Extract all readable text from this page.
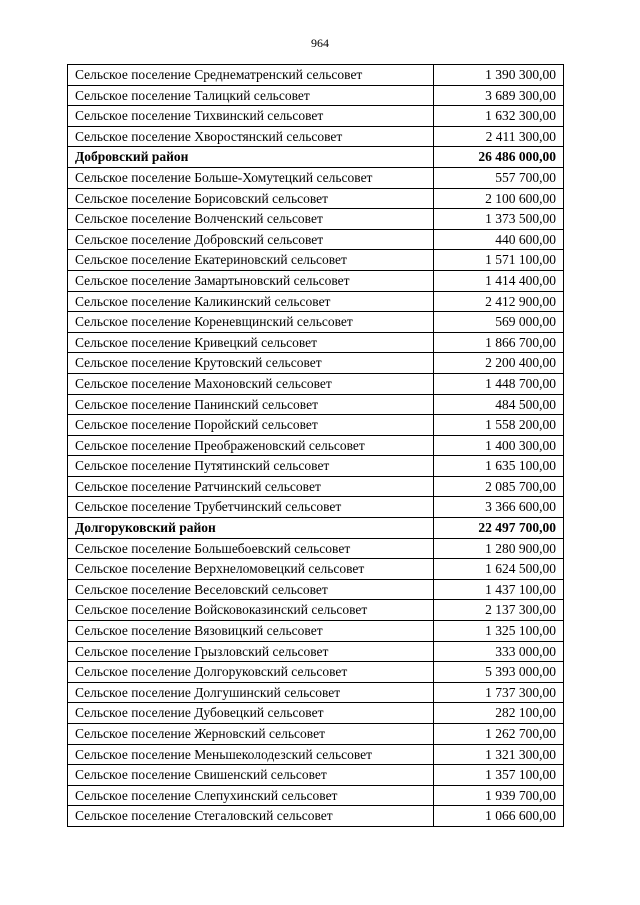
964
Сельское поселение Среднематренский сельсовет	1 390 300,00
Сельское поселение Талицкий сельсовет	3 689 300,00
Сельское поселение Тихвинский сельсовет	1 632 300,00
Сельское поселение Хворостянский сельсовет	2 411 300,00
Добровский район	26 486 000,00
Сельское поселение Больше-Хомутецкий сельсовет	557 700,00
Сельское поселение Борисовский сельсовет	2 100 600,00
Сельское поселение Волченский сельсовет	1 373 500,00
Сельское поселение Добровский сельсовет	440 600,00
Сельское поселение Екатериновский сельсовет	1 571 100,00
Сельское поселение Замартыновский сельсовет	1 414 400,00
Сельское поселение Каликинский сельсовет	2 412 900,00
Сельское поселение Кореневщинский сельсовет	569 000,00
Сельское поселение Кривецкий сельсовет	1 866 700,00
Сельское поселение Крутовский сельсовет	2 200 400,00
Сельское поселение Махоновский сельсовет	1 448 700,00
Сельское поселение Панинский сельсовет	484 500,00
Сельское поселение Поройский сельсовет	1 558 200,00
Сельское поселение Преображеновский сельсовет	1 400 300,00
Сельское поселение Путятинский сельсовет	1 635 100,00
Сельское поселение Ратчинский сельсовет	2 085 700,00
Сельское поселение Трубетчинский сельсовет	3 366 600,00
Долгоруковский район	22 497 700,00
Сельское поселение Большебоевский сельсовет	1 280 900,00
Сельское поселение Верхнеломовецкий сельсовет	1 624 500,00
Сельское поселение Веселовский сельсовет	1 437 100,00
Сельское поселение Войсковоказинский сельсовет	2 137 300,00
Сельское поселение Вязовицкий сельсовет	1 325 100,00
Сельское поселение Грызловский сельсовет	333 000,00
Сельское поселение Долгоруковский сельсовет	5 393 000,00
Сельское поселение Долгушинский сельсовет	1 737 300,00
Сельское поселение Дубовецкий сельсовет	282 100,00
Сельское поселение Жерновский сельсовет	1 262 700,00
Сельское поселение Меньшеколодезский сельсовет	1 321 300,00
Сельское поселение Свишенский сельсовет	1 357 100,00
Сельское поселение Слепухинский сельсовет	1 939 700,00
Сельское поселение Стегаловский сельсовет	1 066 600,00
